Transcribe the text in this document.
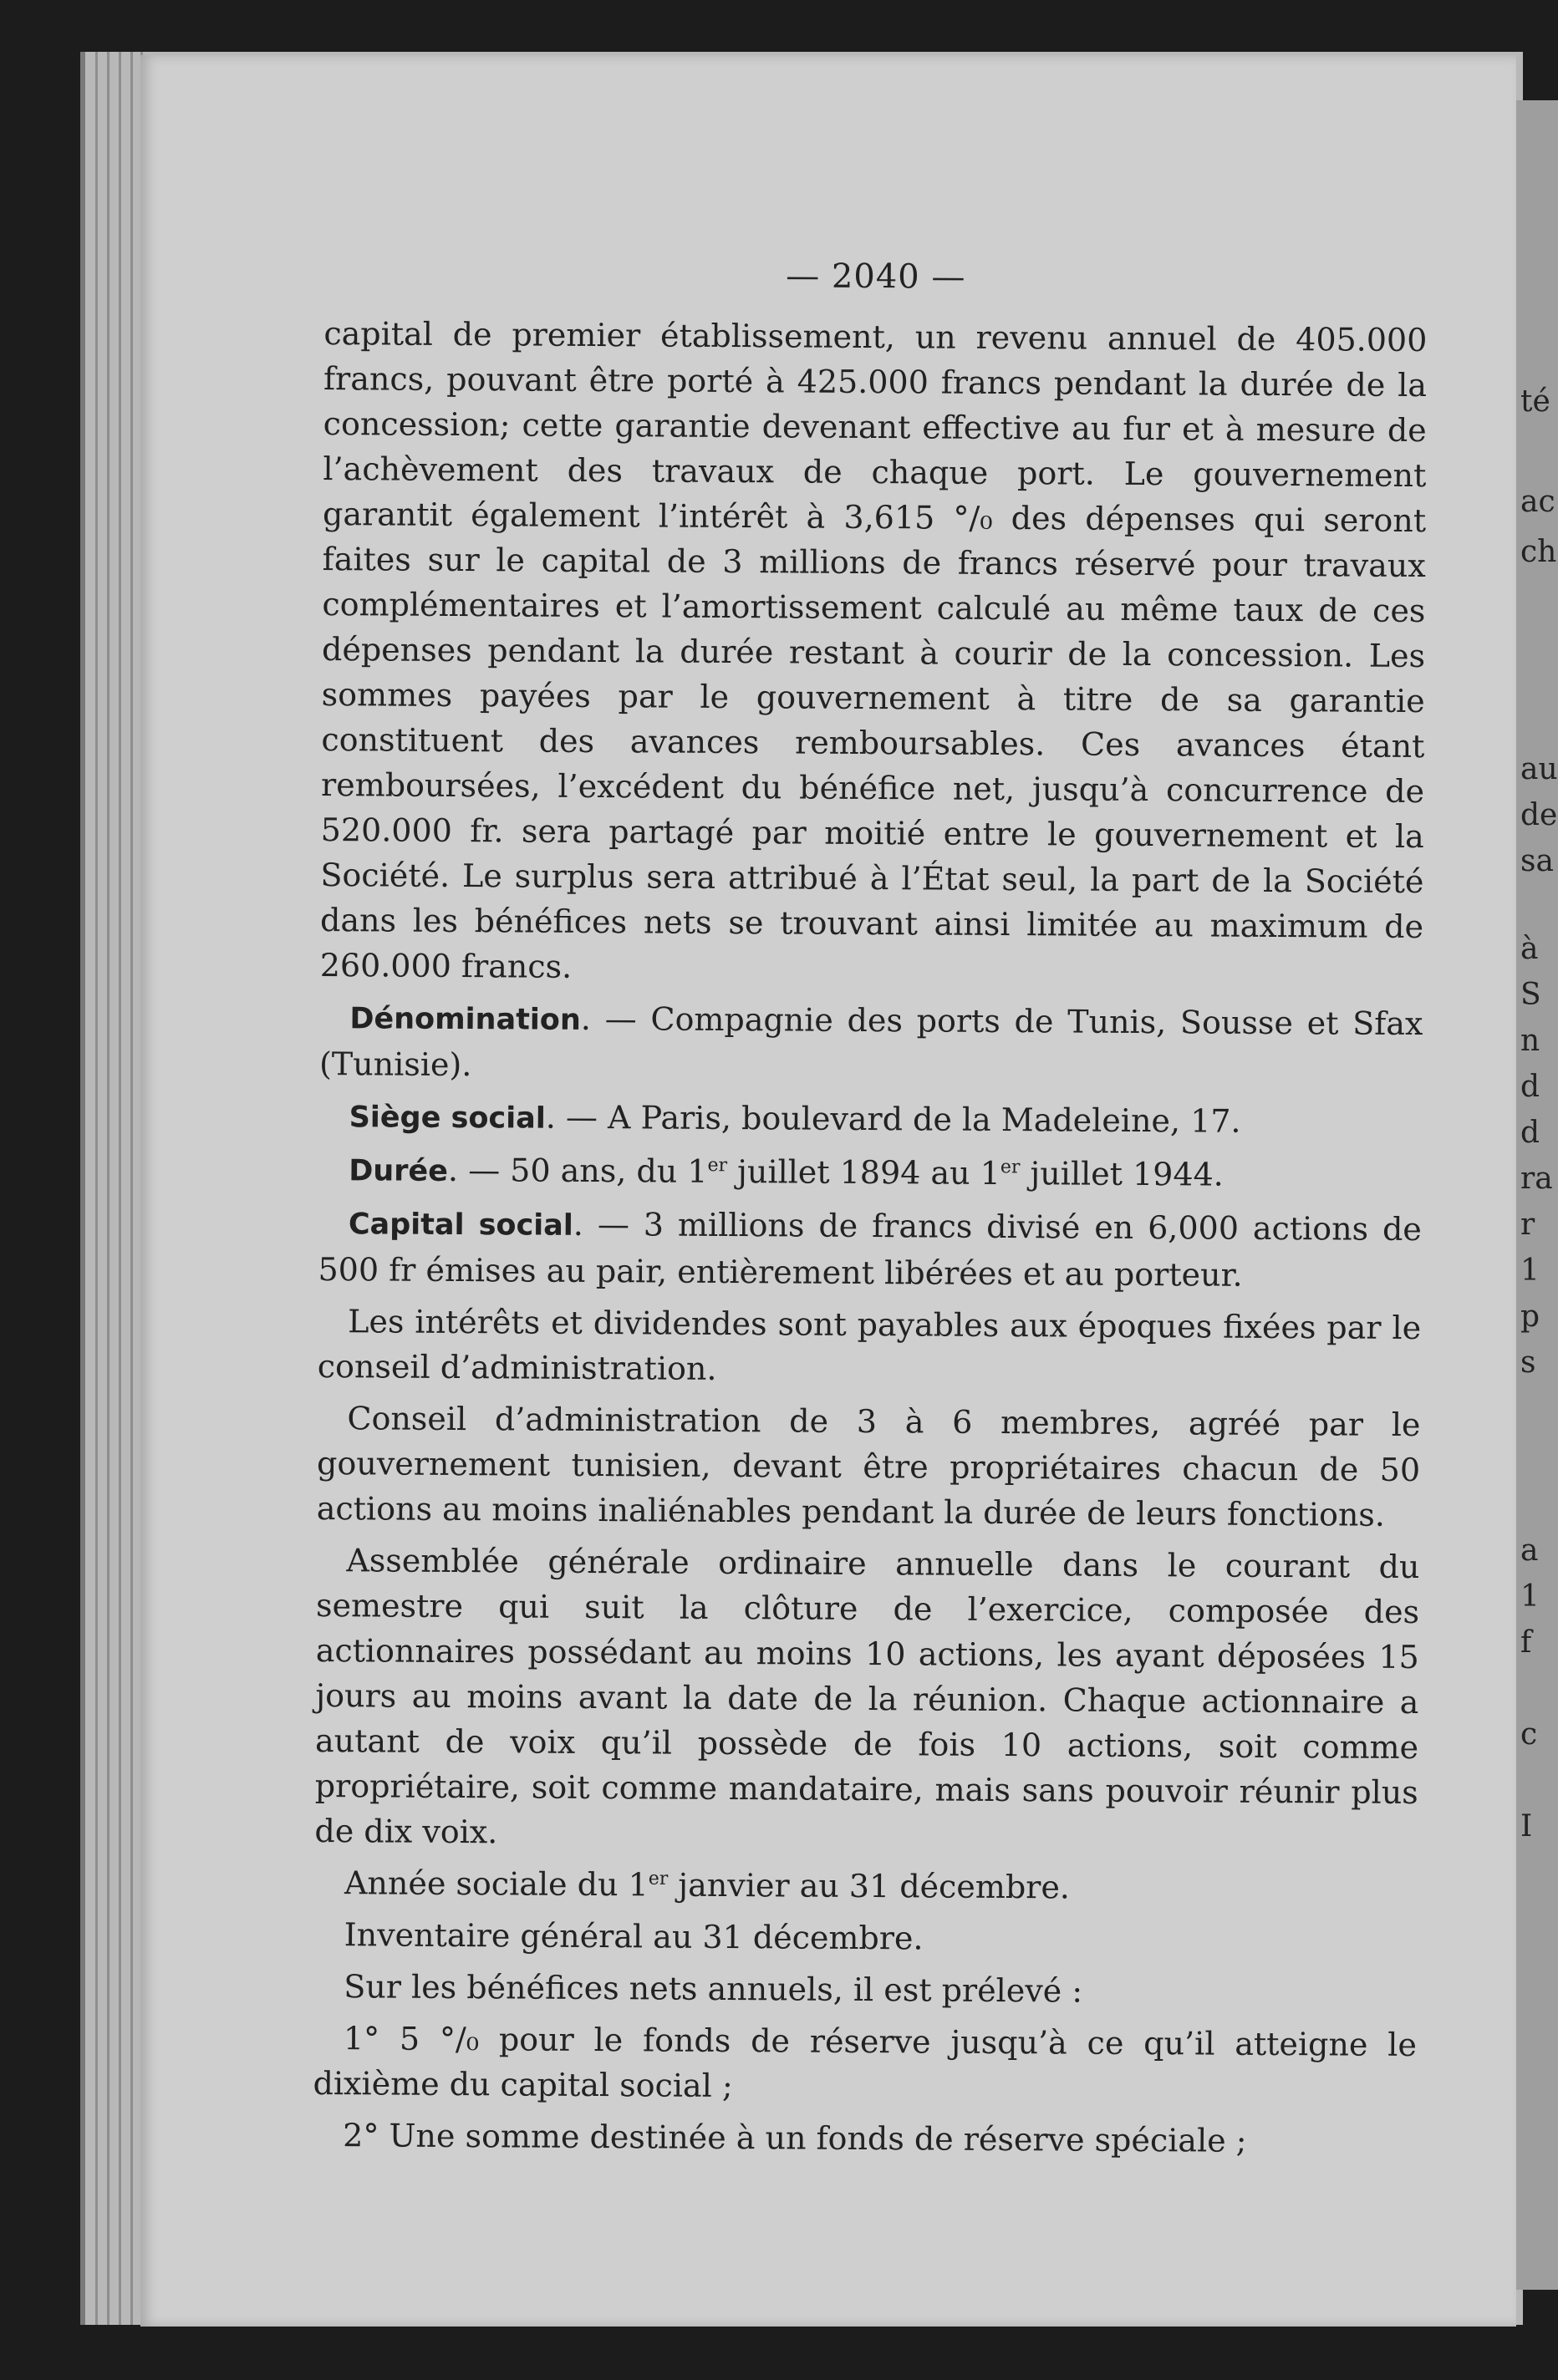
té
ac
ch
au
de
sa
à
S
n
d
d
ra
r
1
p
s
a
1
f
c
I
— 2040 —

capital de premier établissement, un revenu annuel de 405.000 francs, pouvant être porté à 425.000 francs pendant la durée de la concession; cette garantie devenant effective au fur et à mesure de l’achèvement des travaux de chaque port. Le gouvernement garantit également l’intérêt à 3,615 °/₀ des dépenses qui seront faites sur le capital de 3 millions de francs réservé pour travaux complémentaires et l’amortissement calculé au même taux de ces dépenses pendant la durée restant à courir de la concession. Les sommes payées par le gouvernement à titre de sa garantie constituent des avances remboursables. Ces avances étant remboursées, l’excédent du bénéfice net, jusqu’à concurrence de 520.000 fr. sera partagé par moitié entre le gouvernement et la Société. Le surplus sera attribué à l’État seul, la part de la Société dans les bénéfices nets se trouvant ainsi limitée au maximum de 260.000 francs.

Dénomination. — Compagnie des ports de Tunis, Sousse et Sfax (Tunisie).

Siège social. — A Paris, boulevard de la Madeleine, 17.

Durée. — 50 ans, du 1er juillet 1894 au 1er juillet 1944.

Capital social. — 3 millions de francs divisé en 6,000 actions de 500 fr émises au pair, entièrement libérées et au porteur.

Les intérêts et dividendes sont payables aux époques fixées par le conseil d’administration.

Conseil d’administration de 3 à 6 membres, agréé par le gouvernement tunisien, devant être propriétaires chacun de 50 actions au moins inaliénables pendant la durée de leurs fonctions.

Assemblée générale ordinaire annuelle dans le courant du semestre qui suit la clôture de l’exercice, composée des actionnaires possédant au moins 10 actions, les ayant déposées 15 jours au moins avant la date de la réunion. Chaque actionnaire a autant de voix qu’il possède de fois 10 actions, soit comme propriétaire, soit comme mandataire, mais sans pouvoir réunir plus de dix voix.

Année sociale du 1er janvier au 31 décembre.

Inventaire général au 31 décembre.

Sur les bénéfices nets annuels, il est prélevé :

1° 5 °/₀ pour le fonds de réserve jusqu’à ce qu’il atteigne le dixième du capital social ;

2° Une somme destinée à un fonds de réserve spéciale ;
